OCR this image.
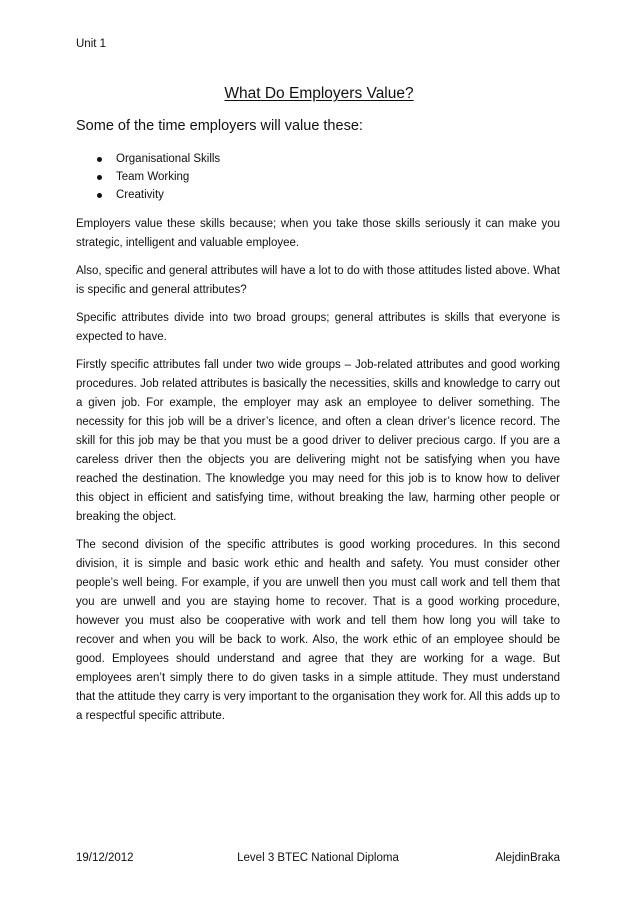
Unit 1
What Do Employers Value?
Some of the time employers will value these:
Organisational Skills
Team Working
Creativity

Employers value these skills because; when you take those skills seriously it can make you strategic, intelligent and valuable employee.

Also, specific and general attributes will have a lot to do with those attitudes listed above. What is specific and general attributes?

Specific attributes divide into two broad groups; general attributes is skills that everyone is expected to have.

Firstly specific attributes fall under two wide groups – Job-related attributes and good working procedures. Job related attributes is basically the necessities, skills and knowledge to carry out a given job. For example, the employer may ask an employee to deliver something. The necessity for this job will be a driver’s licence, and often a clean driver’s licence record. The skill for this job may be that you must be a good driver to deliver precious cargo. If you are a careless driver then the objects you are delivering might not be satisfying when you have reached the destination. The knowledge you may need for this job is to know how to deliver this object in efficient and satisfying time, without breaking the law, harming other people or breaking the object.

The second division of the specific attributes is good working procedures. In this second division, it is simple and basic work ethic and health and safety. You must consider other people’s well being. For example, if you are unwell then you must call work and tell them that you are unwell and you are staying home to recover. That is a good working procedure, however you must also be cooperative with work and tell them how long you will take to recover and when you will be back to work. Also, the work ethic of an employee should be good. Employees should understand and agree that they are working for a wage. But employees aren’t simply there to do given tasks in a simple attitude. They must understand that the attitude they carry is very important to the organisation they work for. All this adds up to a respectful specific attribute.

19/12/2012	Level 3 BTEC National Diploma	AlejdinBraka
